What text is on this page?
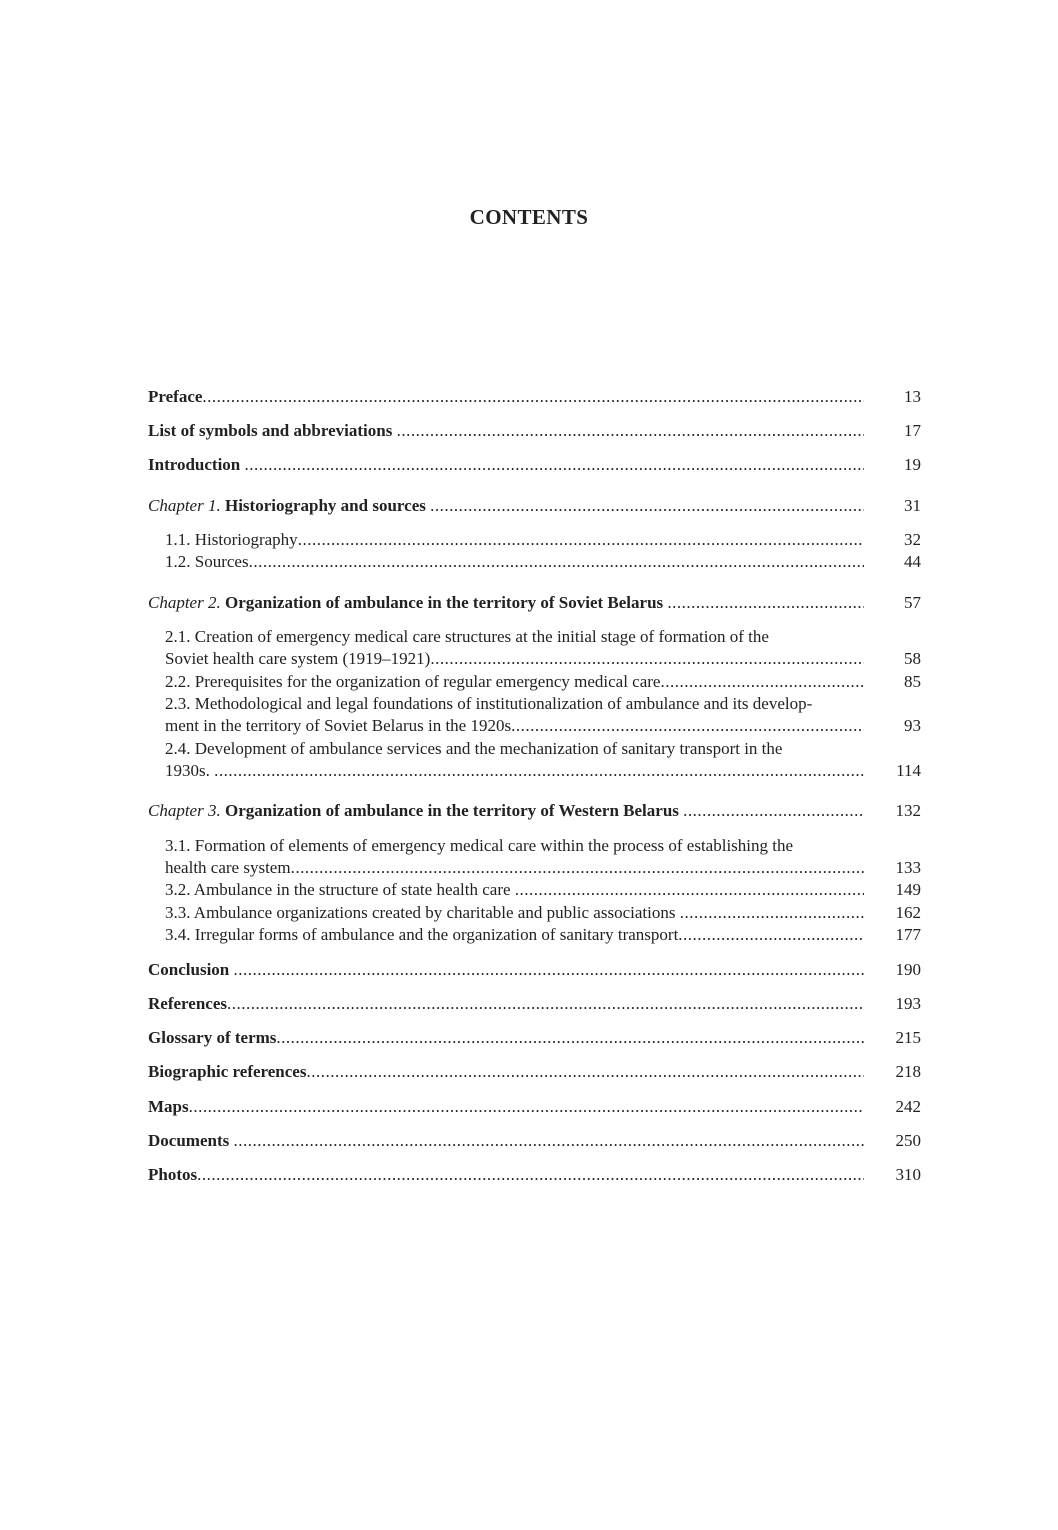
CONTENTS
Preface .....	13
List of symbols and abbreviations .....	17
Introduction .....	19
Chapter 1. Historiography and sources .....	31
1.1. Historiography .....	32
1.2. Sources .....	44
Chapter 2. Organization of ambulance in the territory of Soviet Belarus .....	57
2.1. Creation of emergency medical care structures at the initial stage of formation of the
Soviet health care system (1919–1921) .....	58
2.2. Prerequisites for the organization of regular emergency medical care .....	85
2.3. Methodological and legal foundations of institutionalization of ambulance and its develop-
ment in the territory of Soviet Belarus in the 1920s .....	93
2.4. Development of ambulance services and the mechanization of sanitary transport in the
1930s. .....	114
Chapter 3. Organization of ambulance in the territory of Western Belarus .....	132
3.1. Formation of elements of emergency medical care within the process of establishing the
health care system .....	133
3.2. Ambulance in the structure of state health care .....	149
3.3. Ambulance organizations created by charitable and public associations .....	162
3.4. Irregular forms of ambulance and the organization of sanitary transport .....	177
Conclusion .....	190
References .....	193
Glossary of terms .....	215
Biographic references .....	218
Maps .....	242
Documents .....	250
Photos .....	310
